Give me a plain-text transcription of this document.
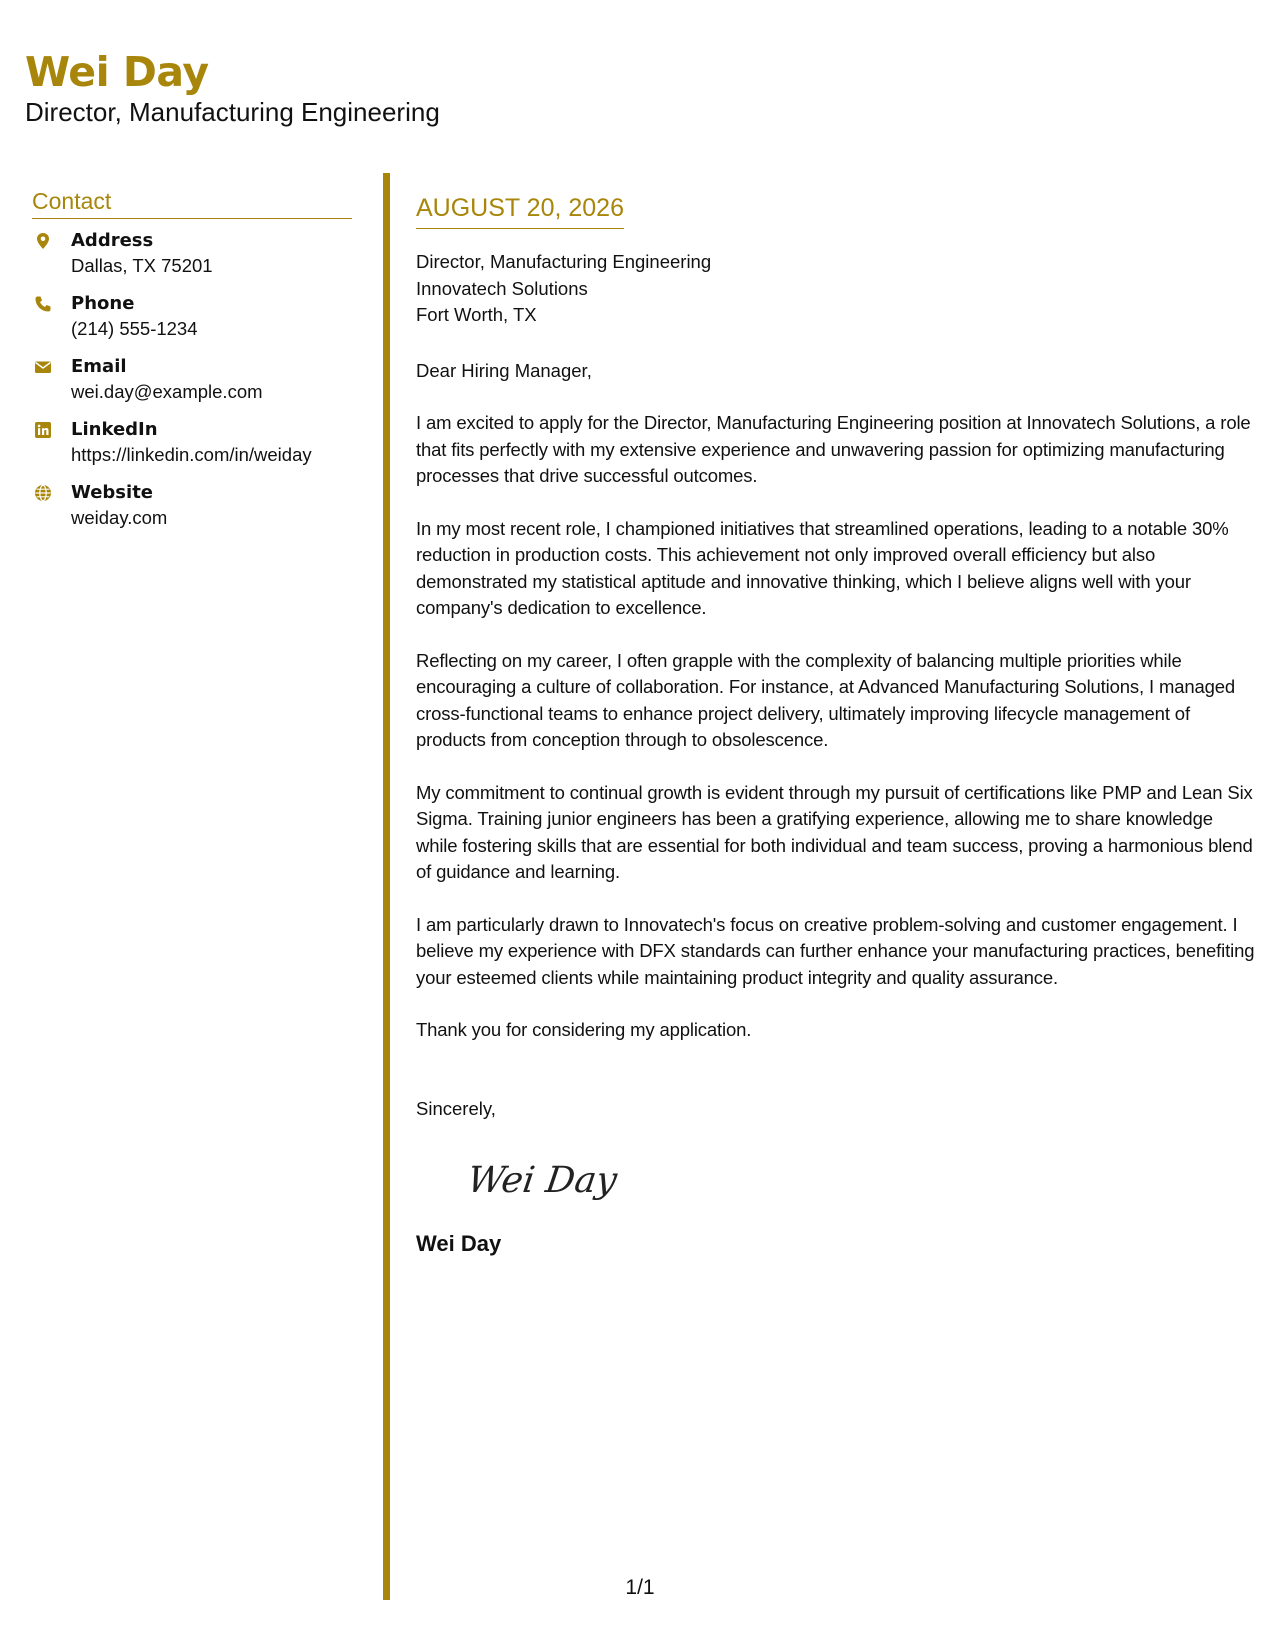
Wei Day
Director, Manufacturing Engineering
Contact
Address
Dallas, TX 75201
Phone
(214) 555-1234
Email
wei.day@example.com
LinkedIn
https://linkedin.com/in/weiday
Website
weiday.com
AUGUST 20, 2026
Director, Manufacturing Engineering
Innovatech Solutions
Fort Worth, TX
Dear Hiring Manager,
I am excited to apply for the Director, Manufacturing Engineering position at Innovatech Solutions, a role that fits perfectly with my extensive experience and unwavering passion for optimizing manufacturing processes that drive successful outcomes.
In my most recent role, I championed initiatives that streamlined operations, leading to a notable 30% reduction in production costs. This achievement not only improved overall efficiency but also demonstrated my statistical aptitude and innovative thinking, which I believe aligns well with your company's dedication to excellence.
Reflecting on my career, I often grapple with the complexity of balancing multiple priorities while encouraging a culture of collaboration. For instance, at Advanced Manufacturing Solutions, I managed cross-functional teams to enhance project delivery, ultimately improving lifecycle management of products from conception through to obsolescence.
My commitment to continual growth is evident through my pursuit of certifications like PMP and Lean Six Sigma. Training junior engineers has been a gratifying experience, allowing me to share knowledge while fostering skills that are essential for both individual and team success, proving a harmonious blend of guidance and learning.
I am particularly drawn to Innovatech's focus on creative problem-solving and customer engagement. I believe my experience with DFX standards can further enhance your manufacturing practices, benefiting your esteemed clients while maintaining product integrity and quality assurance.
Thank you for considering my application.
Sincerely,
Wei Day
Wei Day
1/1
